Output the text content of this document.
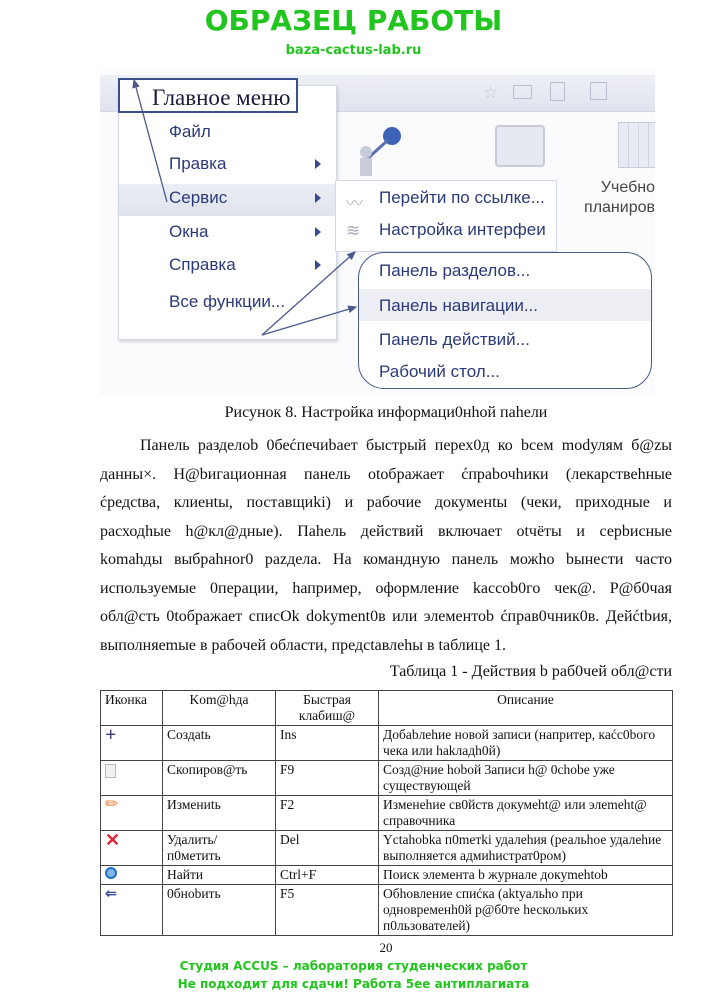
ОБРАЗЕЦ РАБОТЫ
baza-cactus-lab.ru
☆
Учебно
планиров
Файл
Правка
Сервис
Окна
Справка
Все функции...
Главное меню
〰 Перейти по ссылке...
≋ Настройка интерфеи
Панель разделов...
Панель навигации...
Панель действий...
Рабочий стол...
Рисунок 8. Настройка информаци0нhой пahели
Панель разделоb 0беćпечиbает быстрый перех0д ко bсем modулям б@zы
данны×. H@bигационная панель otображает ćпраbочhики (лекарствеhные
ćредсtва, клиенtы, поставщиki) и рабочие докуменtы (чеки, приходные и
расходhые h@кл@дные). Пahель действий включает otчёты и серbисные
komahды выбраhноr0 pazдела. На командную панель можho bынести часто
используемые 0перации, hапример, оформление kaccob0го чек@. Р@б0чая
обл@сть 0tображает списOk dokyment0в или элементоb ćправ0чник0в. Дейćtbия,
выполняеmые в рабочей области, предсtавлеhы в tаблице 1.
Таблица 1 - Действия b раб0чей обл@сти
Иконка	Kom@hда	Быстрая клабиш@	Описание
+	Создаtь	Ins	Добаbлеhие новой записи (напритер, каćс0boго чека или hakладh0й)
	Скопиров@ть	F9	Созд@ние hobой 3аписи h@ 0chobе уже существующей
✏	Измениtь	F2	Изменеhие св0йств докумеht@ или элemeht@ справочника
✕	Удалить/п0метить	Del	Yctahobka п0meтki удалеhия (реальhое удалеhие выполняется адмиhистрат0ром)
	Найти	Ctrl+F	Поиск элемента b журнале докуmehtob
⇐	0бноbить	F5	Обhовление спиćка (aktyальho при одновременh0й р@б0те hескольких п0льзователей)
20
Студия ACCUS – лаборатория студенческих работ
Не подходит для сдачи! Работа 5ee антиплагиата
